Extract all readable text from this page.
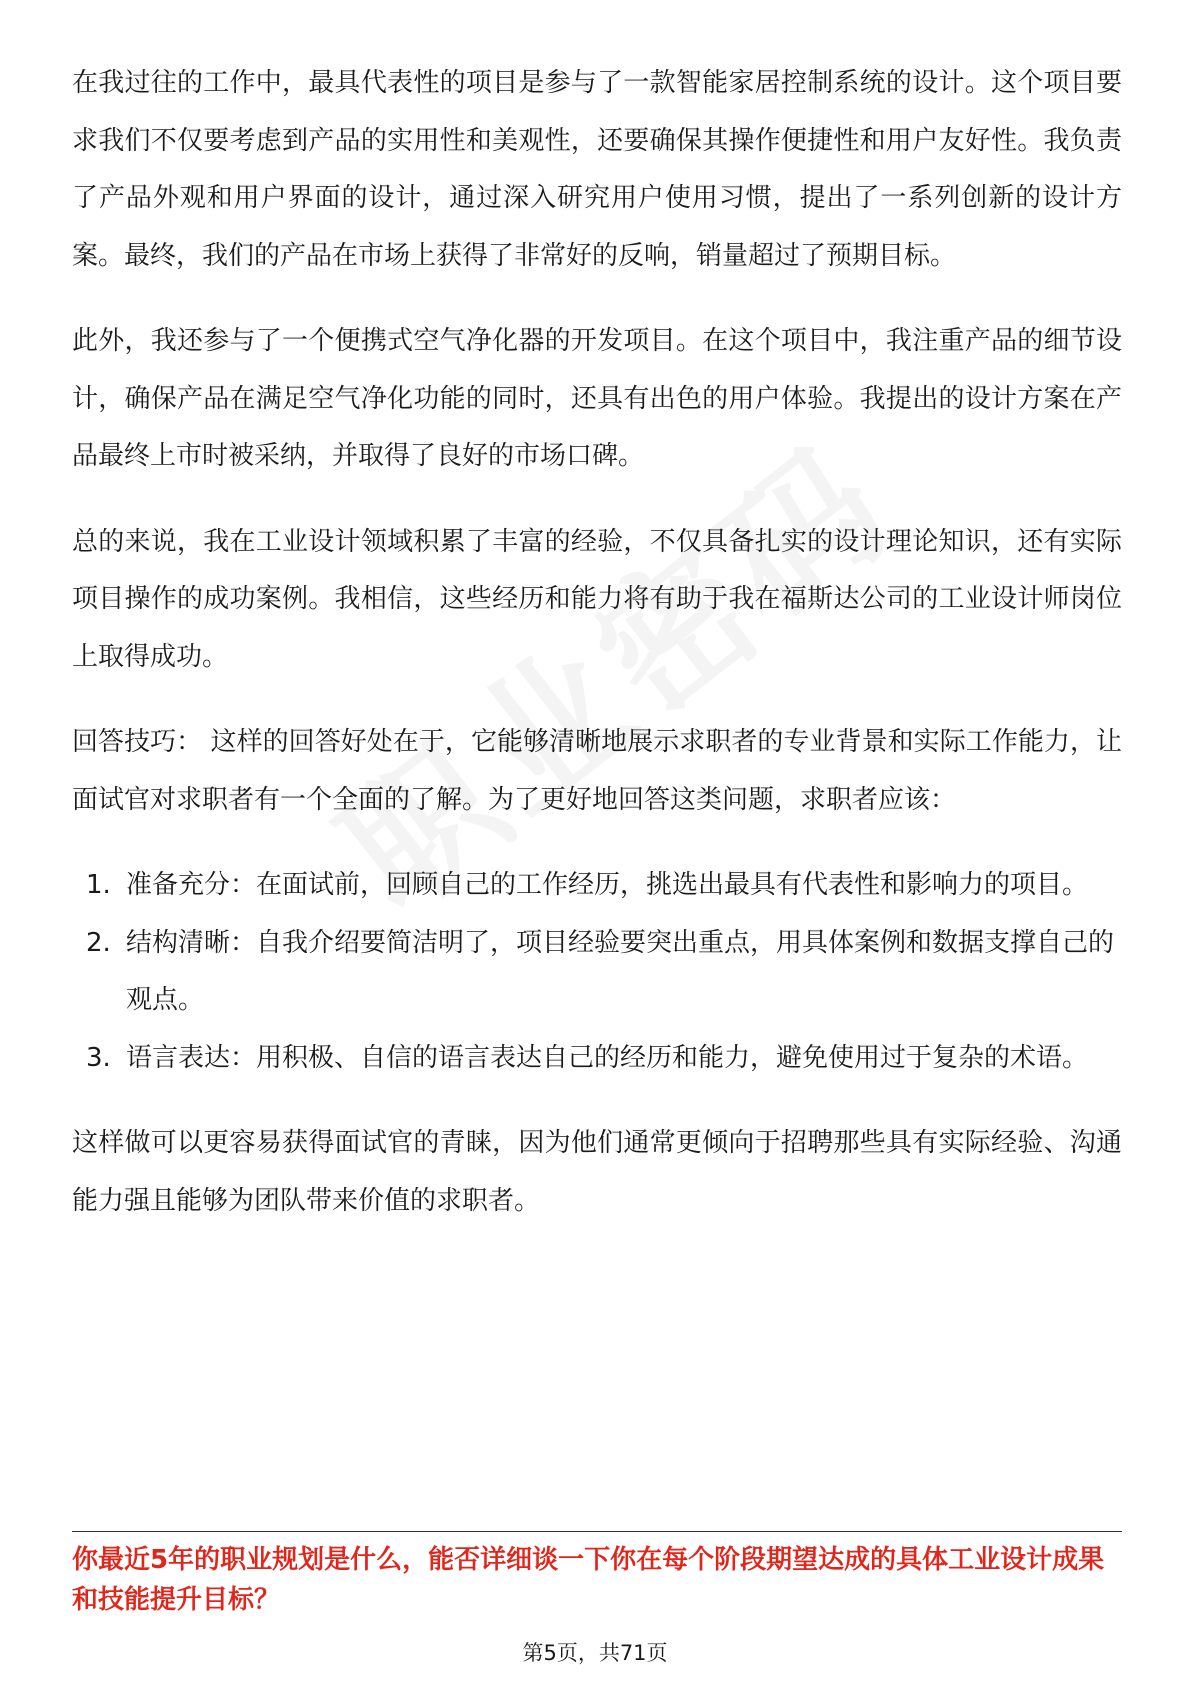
在我过往的工作中，最具代表性的项目是参与了一款智能家居控制系统的设计。这个项目要求我们不仅要考虑到产品的实用性和美观性，还要确保其操作便捷性和用户友好性。我负责了产品外观和用户界面的设计，通过深入研究用户使用习惯，提出了一系列创新的设计方案。最终，我们的产品在市场上获得了非常好的反响，销量超过了预期目标。

此外，我还参与了一个便携式空气净化器的开发项目。在这个项目中，我注重产品的细节设计，确保产品在满足空气净化功能的同时，还具有出色的用户体验。我提出的设计方案在产品最终上市时被采纳，并取得了良好的市场口碑。

总的来说，我在工业设计领域积累了丰富的经验，不仅具备扎实的设计理论知识，还有实际项目操作的成功案例。我相信，这些经历和能力将有助于我在福斯达公司的工业设计师岗位上取得成功。

回答技巧： 这样的回答好处在于，它能够清晰地展示求职者的专业背景和实际工作能力，让面试官对求职者有一个全面的了解。为了更好地回答这类问题，求职者应该：

1. 准备充分：在面试前，回顾自己的工作经历，挑选出最具有代表性和影响力的项目。
2. 结构清晰：自我介绍要简洁明了，项目经验要突出重点，用具体案例和数据支撑自己的观点。
3. 语言表达：用积极、自信的语言表达自己的经历和能力，避免使用过于复杂的术语。

这样做可以更容易获得面试官的青睐，因为他们通常更倾向于招聘那些具有实际经验、沟通能力强且能够为团队带来价值的求职者。

你最近5年的职业规划是什么，能否详细谈一下你在每个阶段期望达成的具体工业设计成果和技能提升目标？

第5页，共71页
